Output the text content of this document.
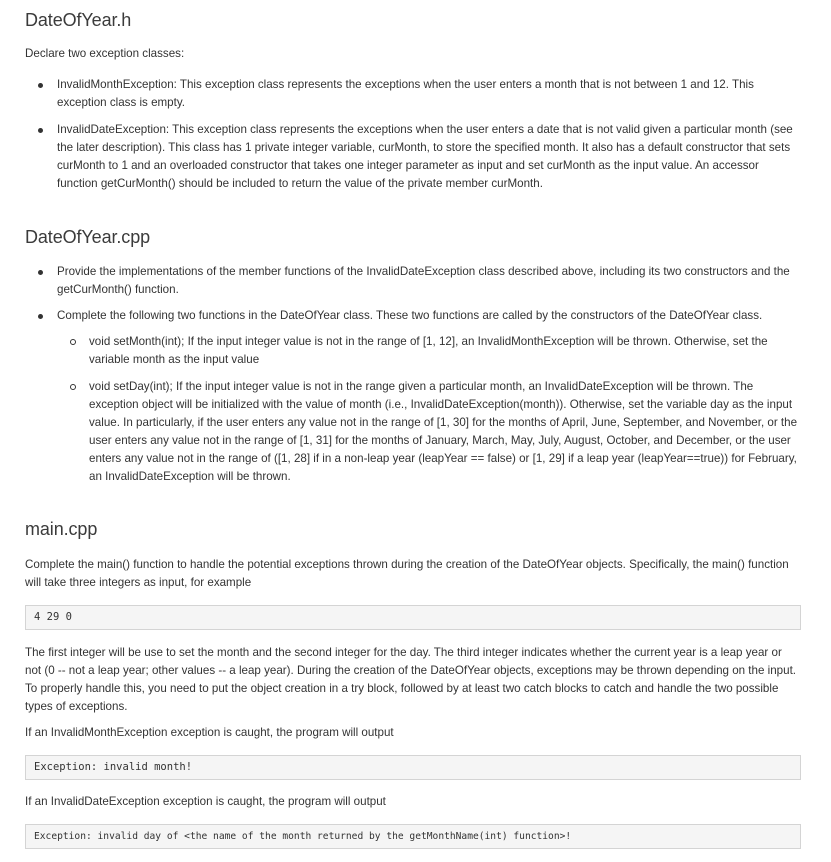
DateOfYear.h

Declare two exception classes:

InvalidMonthException: This exception class represents the exceptions when the user enters a month that is not between 1 and 12. This exception class is empty.
InvalidDateException: This exception class represents the exceptions when the user enters a date that is not valid given a particular month (see the later description). This class has 1 private integer variable, curMonth, to store the specified month. It also has a default constructor that sets curMonth to 1 and an overloaded constructor that takes one integer parameter as input and set curMonth as the input value. An accessor function getCurMonth() should be included to return the value of the private member curMonth.
DateOfYear.cpp
Provide the implementations of the member functions of the InvalidDateException class described above, including its two constructors and the getCurMonth() function.
Complete the following two functions in the DateOfYear class. These two functions are called by the constructors of the DateOfYear class.
void setMonth(int); If the input integer value is not in the range of [1, 12], an InvalidMonthException will be thrown. Otherwise, set the variable month as the input value
void setDay(int); If the input integer value is not in the range given a particular month, an InvalidDateException will be thrown. The exception object will be initialized with the value of month (i.e., InvalidDateException(month)). Otherwise, set the variable day as the input value. In particularly, if the user enters any value not in the range of [1, 30] for the months of April, June, September, and November, or the user enters any value not in the range of [1, 31] for the months of January, March, May, July, August, October, and December, or the user enters any value not in the range of ([1, 28] if in a non-leap year (leapYear == false) or [1, 29] if a leap year (leapYear==true)) for February, an InvalidDateException will be thrown.
main.cpp

Complete the main() function to handle the potential exceptions thrown during the creation of the DateOfYear objects. Specifically, the main() function will take three integers as input, for example

4 29 0

The first integer will be use to set the month and the second integer for the day. The third integer indicates whether the current year is a leap year or not (0 -- not a leap year; other values -- a leap year). During the creation of the DateOfYear objects, exceptions may be thrown depending on the input. To properly handle this, you need to put the object creation in a try block, followed by at least two catch blocks to catch and handle the two possible types of exceptions.

If an InvalidMonthException exception is caught, the program will output

Exception: invalid month!

If an InvalidDateException exception is caught, the program will output

Exception: invalid day of <the name of the month returned by the getMonthName(int) function>!
